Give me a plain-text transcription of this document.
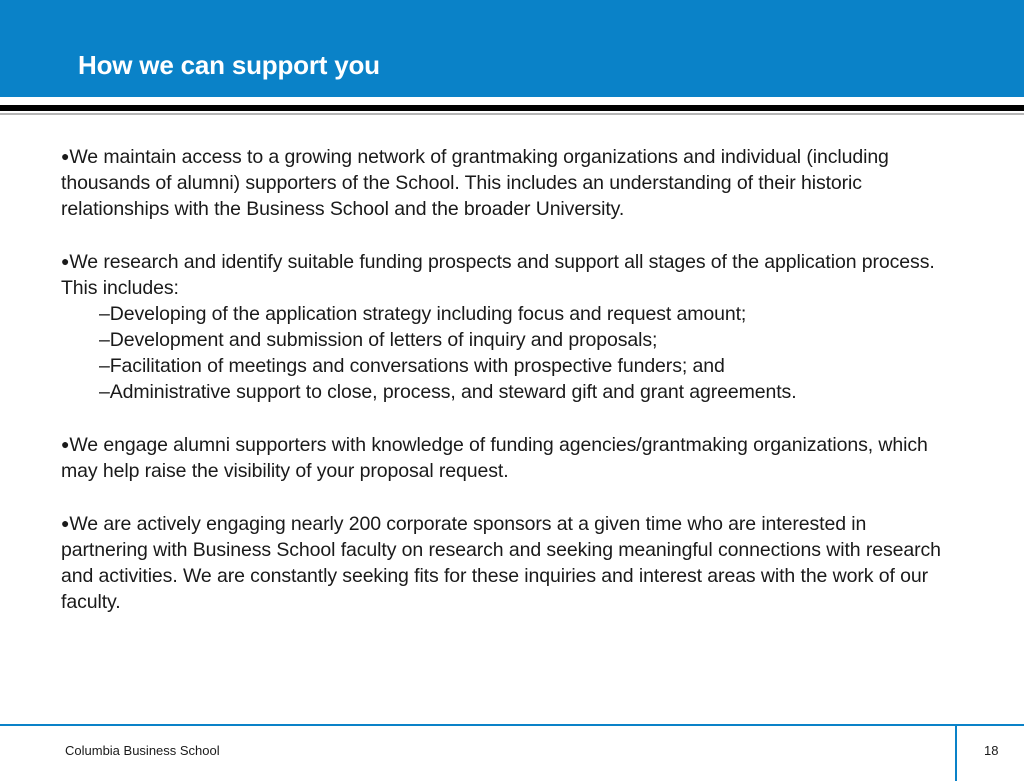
How we can support you
●We maintain access to a growing network of grantmaking organizations and individual (including thousands of alumni) supporters of the School. This includes an understanding of their historic relationships with the Business School and the broader University.
●We research and identify suitable funding prospects and support all stages of the application process. This includes:
–Developing of the application strategy including focus and request amount;
–Development and submission of letters of inquiry and proposals;
–Facilitation of meetings and conversations with prospective funders; and
–Administrative support to close, process, and steward gift and grant agreements.
●We engage alumni supporters with knowledge of funding agencies/grantmaking organizations, which may help raise the visibility of your proposal request.
●We are actively engaging nearly 200 corporate sponsors at a given time who are interested in partnering with Business School faculty on research and seeking meaningful connections with research and activities. We are constantly seeking fits for these inquiries and interest areas with the work of our faculty.
Columbia Business School	18
